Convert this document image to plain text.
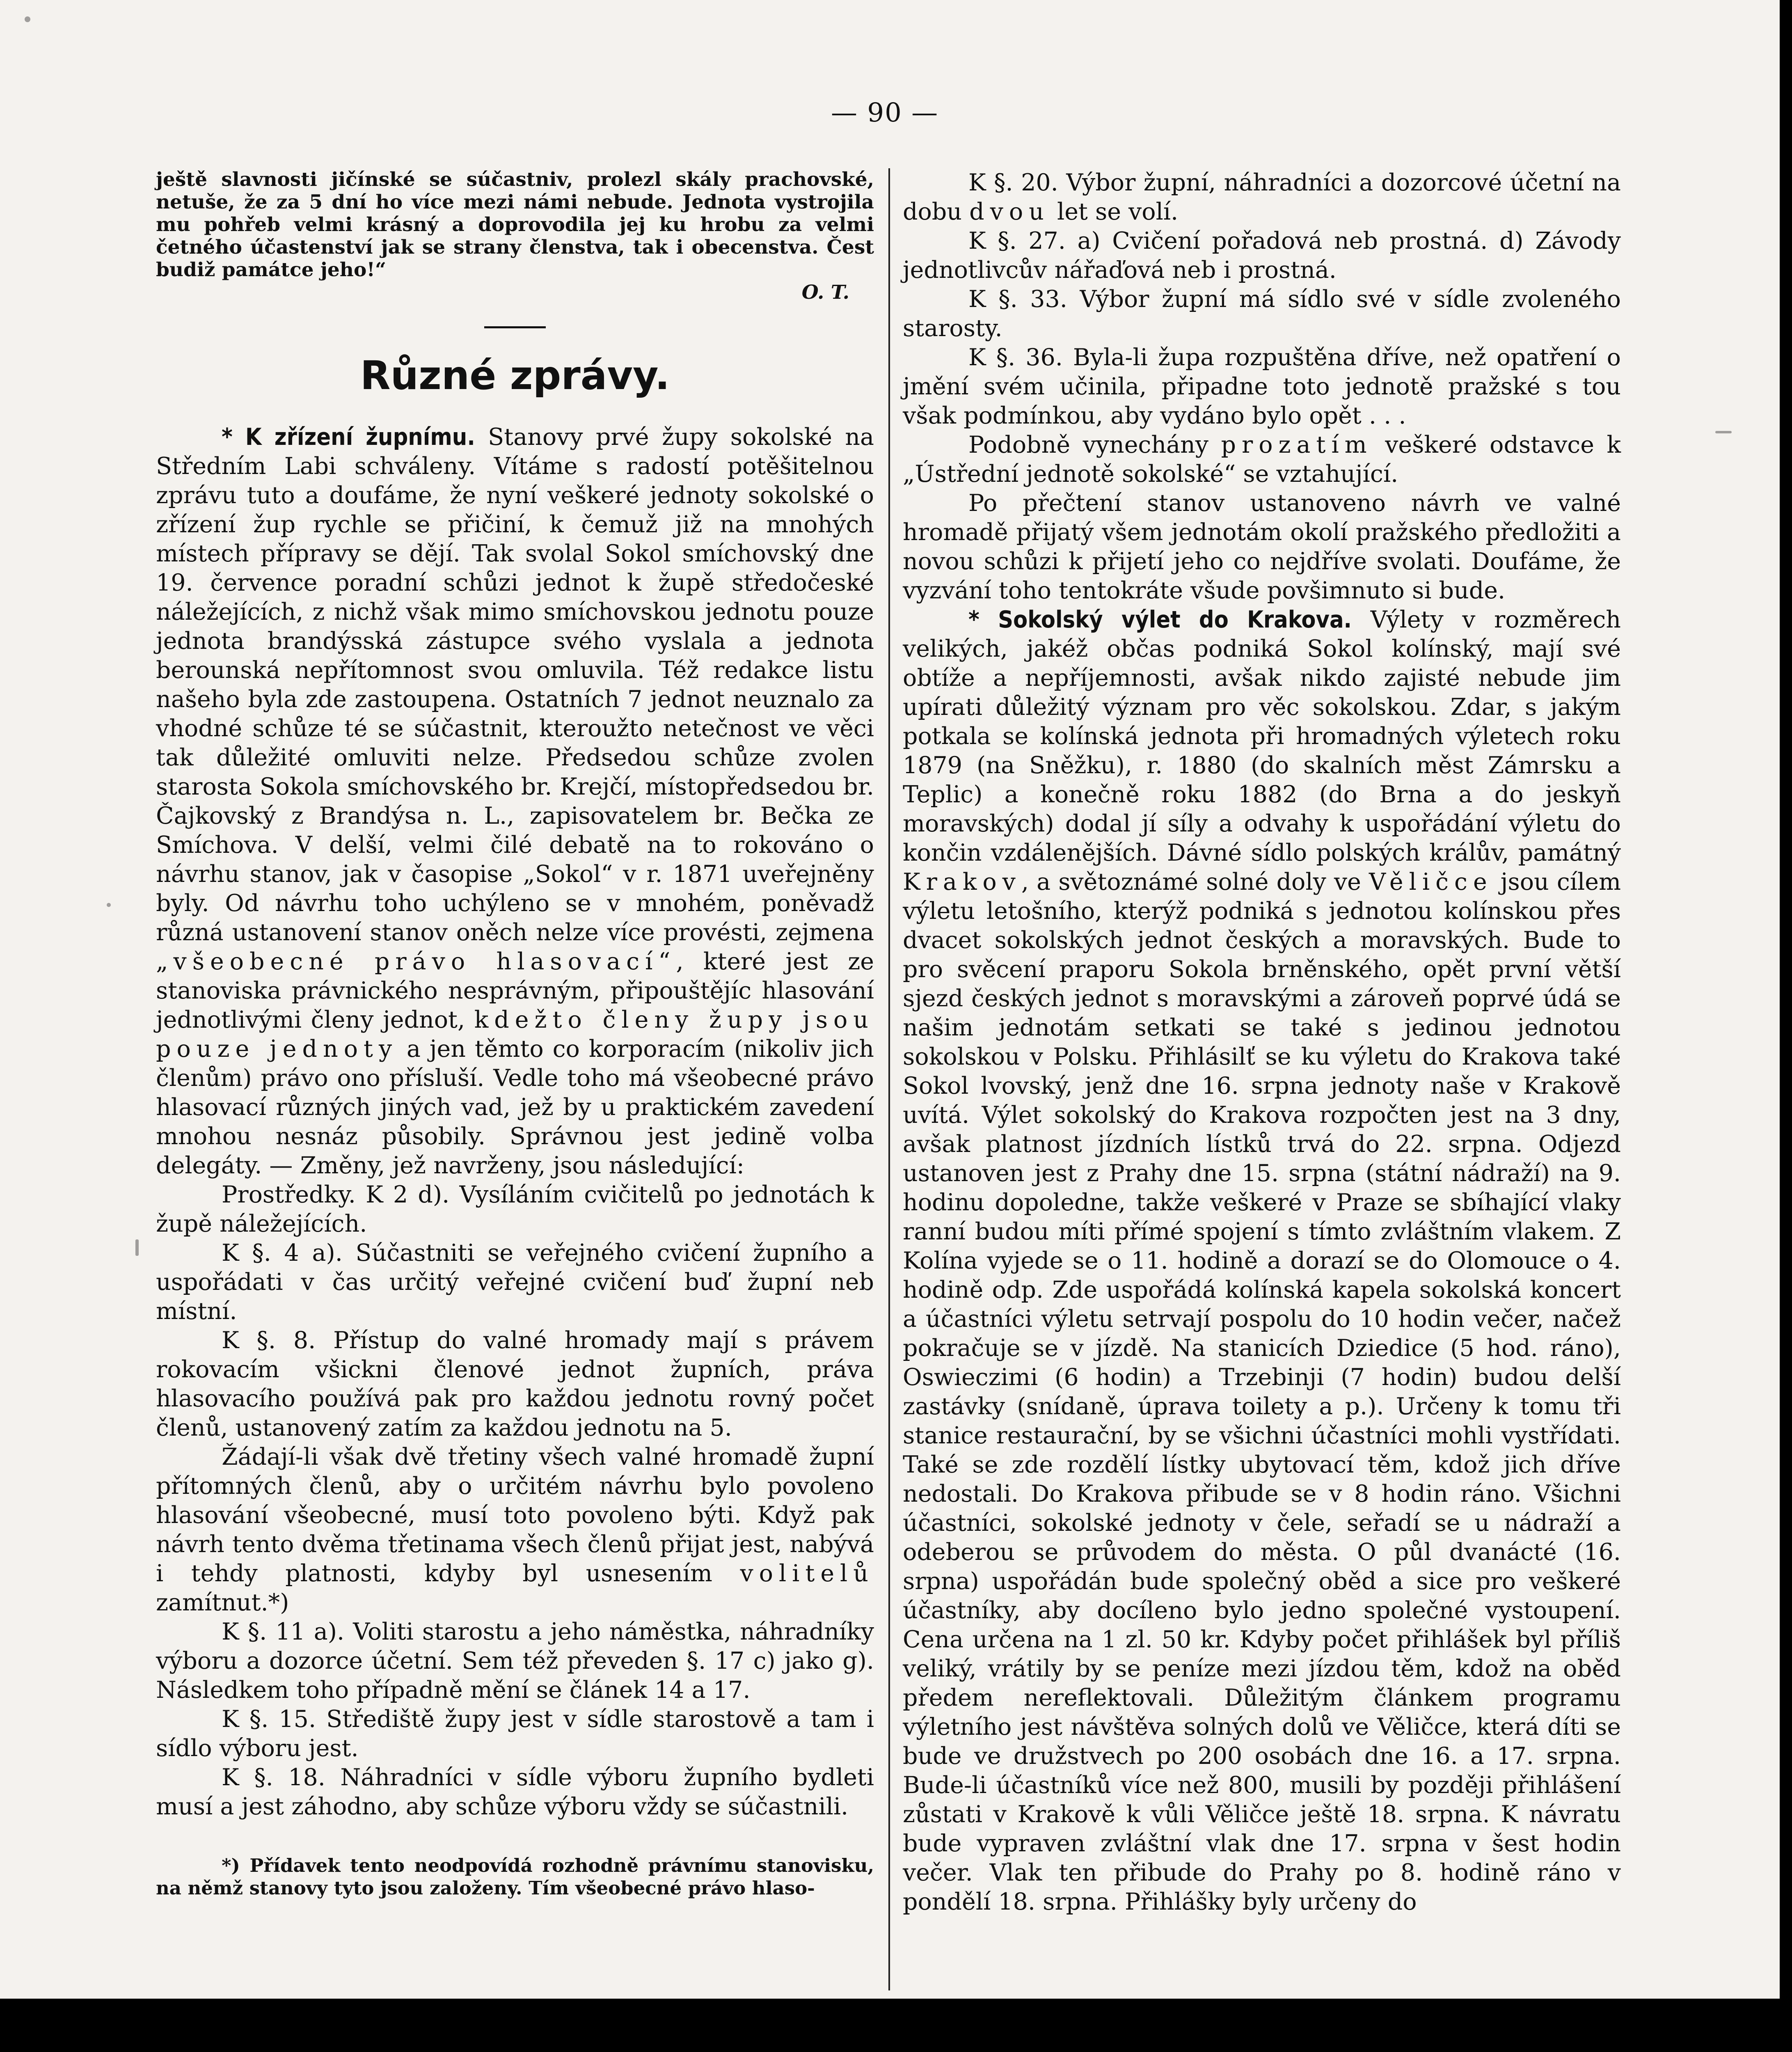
— 90 —

ještě slavnosti jičínské se súčastniv, prolezl skály prachovské, netuše, že za 5 dní ho více mezi námi nebude. Jednota vystrojila mu pohřeb velmi krásný a doprovodila jej ku hrobu za velmi četného účastenství jak se strany členstva, tak i obecenstva. Čest budiž památce jeho!“

O. T.
Různé zprávy.

* K zřízení župnímu. Stanovy prvé župy sokolské na Středním Labi schváleny. Vítáme s radostí potěšitelnou zprávu tuto a doufáme, že nyní veškeré jednoty sokolské o zřízení žup rychle se přičiní, k čemuž již na mnohých místech přípravy se dějí. Tak svolal Sokol smíchovský dne 19. července poradní schůzi jednot k župě středočeské náležejících, z nichž však mimo smíchovskou jednotu pouze jednota brandýsská zástupce svého vyslala a jednota berounská nepřítomnost svou omluvila. Též redakce listu našeho byla zde zastoupena. Ostatních 7 jednot neuznalo za vhodné schůze té se súčastnit, kteroužto netečnost ve věci tak důležité omluviti nelze. Předsedou schůze zvolen starosta Sokola smíchovského br. Krejčí, místopředsedou br. Čajkovský z Brandýsa n. L., zapisovatelem br. Bečka ze Smíchova. V delší, velmi čilé debatě na to rokováno o návrhu stanov, jak v časopise „Sokol“ v r. 1871 uveřejněny byly. Od návrhu toho uchýleno se v mnohém, poněvadž různá ustanovení stanov oněch nelze více provésti, zejmena „všeobecné právo hlasovací“, které jest ze stanoviska právnického nesprávným, připouštějíc hlasování jednotlivými členy jednot, kdežto členy župy jsou pouze jednoty a jen těmto co korporacím (nikoliv jich členům) právo ono přísluší. Vedle toho má všeobecné právo hlasovací různých jiných vad, jež by u praktickém zavedení mnohou nesnáz působily. Správnou jest jedině volba delegáty. — Změny, jež navrženy, jsou následující:

Prostředky. K 2 d). Vysíláním cvičitelů po jednotách k župě náležejících.

K §. 4 a). Súčastniti se veřejného cvičení župního a uspořádati v čas určitý veřejné cvičení buď župní neb místní.

K §. 8. Přístup do valné hromady mají s právem rokovacím všickni členové jednot župních, práva hlasovacího používá pak pro každou jednotu rovný počet členů, ustanovený zatím za každou jednotu na 5.

Žádají-li však dvě třetiny všech valné hromadě župní přítomných členů, aby o určitém návrhu bylo povoleno hlasování všeobecné, musí toto povoleno býti. Když pak návrh tento dvěma třetinama všech členů přijat jest, nabývá i tehdy platnosti, kdyby byl usnesením volitelů zamítnut.*)

K §. 11 a). Voliti starostu a jeho náměstka, náhradníky výboru a dozorce účetní. Sem též převeden §. 17 c) jako g). Následkem toho případně mění se článek 14 a 17.

K §. 15. Střediště župy jest v sídle starostově a tam i sídlo výboru jest.

K §. 18. Náhradníci v sídle výboru župního bydleti musí a jest záhodno, aby schůze výboru vždy se súčastnili.

*) Přídavek tento neodpovídá rozhodně právnímu stanovisku, na němž stanovy tyto jsou založeny. Tím všeobecné právo hlaso-

K §. 20. Výbor župní, náhradníci a dozorcové účetní na dobu dvou let se volí.

K §. 27. a) Cvičení pořadová neb prostná. d) Závody jednotlivcův nářaďová neb i prostná.

K §. 33. Výbor župní má sídlo své v sídle zvoleného starosty.

K §. 36. Byla-li župa rozpuštěna dříve, než opatření o jmění svém učinila, připadne toto jednotě pražské s tou však podmínkou, aby vydáno bylo opět . . .

Podobně vynechány prozatím veškeré odstavce k „Ústřední jednotě sokolské“ se vztahující.

Po přečtení stanov ustanoveno návrh ve valné hromadě přijatý všem jednotám okolí pražského předložiti a novou schůzi k přijetí jeho co nejdříve svolati. Doufáme, že vyzvání toho tentokráte všude povšimnuto si bude.

* Sokolský výlet do Krakova. Výlety v rozměrech velikých, jakéž občas podniká Sokol kolínský, mají své obtíže a nepříjemnosti, avšak nikdo zajisté nebude jim upírati důležitý význam pro věc sokolskou. Zdar, s jakým potkala se kolínská jednota při hromadných výletech roku 1879 (na Sněžku), r. 1880 (do skalních měst Zámrsku a Teplic) a konečně roku 1882 (do Brna a do jeskyň moravských) dodal jí síly a odvahy k uspořádání výletu do končin vzdálenějších. Dávné sídlo polských králův, památný Krakov, a světoznámé solné doly ve Věličce jsou cílem výletu letošního, kterýž podniká s jednotou kolínskou přes dvacet sokolských jednot českých a moravských. Bude to pro svěcení praporu Sokola brněnského, opět první větší sjezd českých jednot s moravskými a zároveň poprvé údá se našim jednotám setkati se také s jedinou jednotou sokolskou v Polsku. Přihlásilť se ku výletu do Krakova také Sokol lvovský, jenž dne 16. srpna jednoty naše v Krakově uvítá. Výlet sokolský do Krakova rozpočten jest na 3 dny, avšak platnost jízdních lístků trvá do 22. srpna. Odjezd ustanoven jest z Prahy dne 15. srpna (státní nádraží) na 9. hodinu dopoledne, takže veškeré v Praze se sbíhající vlaky ranní budou míti přímé spojení s tímto zvláštním vlakem. Z Kolína vyjede se o 11. hodině a dorazí se do Olomouce o 4. hodině odp. Zde uspořádá kolínská kapela sokolská koncert a účastníci výletu setrvají pospolu do 10 hodin večer, načež pokračuje se v jízdě. Na stanicích Dziedice (5 hod. ráno), Oswieczimi (6 hodin) a Trzebinji (7 hodin) budou delší zastávky (snídaně, úprava toilety a p.). Určeny k tomu tři stanice restaurační, by se všichni účastníci mohli vystřídati. Také se zde rozdělí lístky ubytovací těm, kdož jich dříve nedostali. Do Krakova přibude se v 8 hodin ráno. Všichni účastníci, sokolské jednoty v čele, seřadí se u nádraží a odeberou se průvodem do města. O půl dvanácté (16. srpna) uspořádán bude společný oběd a sice pro veškeré účastníky, aby docíleno bylo jedno společné vystoupení. Cena určena na 1 zl. 50 kr. Kdyby počet přihlášek byl příliš veliký, vrátily by se peníze mezi jízdou těm, kdož na oběd předem nereflektovali. Důležitým článkem programu výletního jest návštěva solných dolů ve Věličce, která díti se bude ve družstvech po 200 osobách dne 16. a 17. srpna. Bude-li účastníků více než 800, musili by později přihlášení zůstati v Krakově k vůli Věličce ještě 18. srpna. K návratu bude vypraven zvláštní vlak dne 17. srpna v šest hodin večer. Vlak ten přibude do Prahy po 8. hodině ráno v pondělí 18. srpna. Přihlášky byly určeny do
